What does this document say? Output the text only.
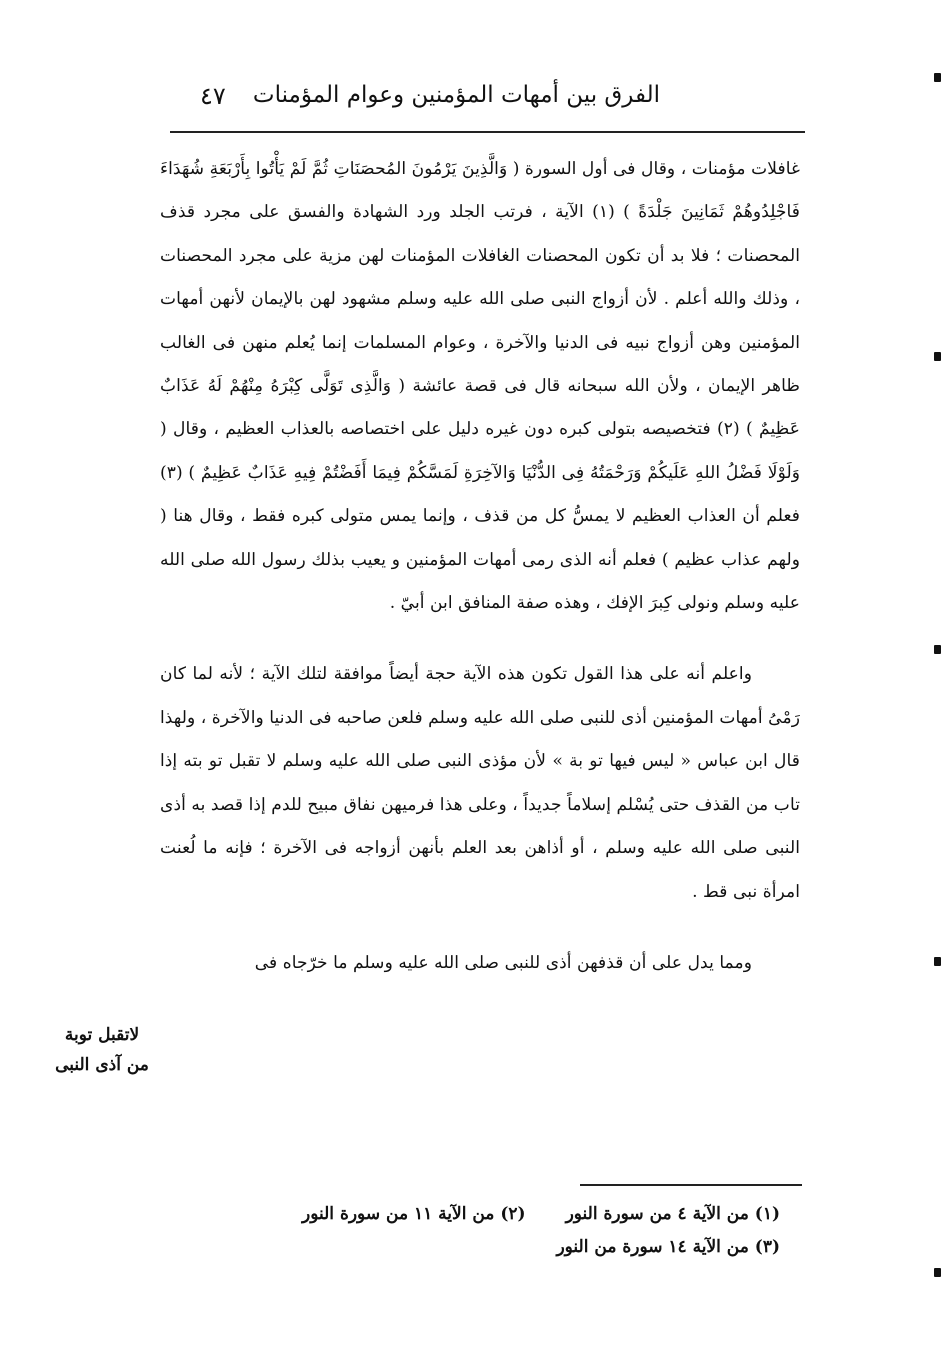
الفرق بين أمهات المؤمنين وعوام المؤمنات
٤٧

غافلات مؤمنات ، وقال فى أول السورة ( وَالَّذِينَ يَرْمُونَ المُحصَنَاتِ ثُمَّ لَمْ يَأْتُوا بِأَرْبَعَةِ شُهَدَاءَ فَاجْلِدُوهُمْ ثَمَانِينَ جَلْدَةً ) (١) الآية ، فرتب الجلد ورد الشهادة والفسق على مجرد قذف المحصنات ؛ فلا بد أن تكون المحصنات الغافلات المؤمنات لهن مزية على مجرد المحصنات ، وذلك والله أعلم . لأن أزواج النبى صلى الله عليه وسلم مشهود لهن بالإيمان لأنهن أمهات المؤمنين وهن أزواج نبيه فى الدنيا والآخرة ، وعوام المسلمات إنما يُعلم منهن فى الغالب ظاهر الإيمان ، ولأن الله سبحانه قال فى قصة عائشة ( وَالَّذِى تَوَلَّى كِبْرَهُ مِنْهُمْ لَهُ عَذَابٌ عَظِيمٌ ) (٢) فتخصيصه بتولى كبره دون غيره دليل على اختصاصه بالعذاب العظيم ، وقال ( وَلَوْلَا فَضْلُ اللهِ عَلَيكُمْ وَرَحْمَتُهُ فِى الدُّنْيَا وَالآخِرَةِ لَمَسَّكُمْ فِيمَا أَفَضْتُمْ فِيهِ عَذَابٌ عَظِيمٌ ) (٣) فعلم أن العذاب العظيم لا يمسُّ كل من قذف ، وإنما يمس متولى كبره فقط ، وقال هنا ( ولهم عذاب عظيم ) فعلم أنه الذى رمى أمهات المؤمنين و يعيب بذلك رسول الله صلى الله عليه وسلم ونولى كِبرَ الإفك ، وهذه صفة المنافق ابن أبيّ .

واعلم أنه على هذا القول تكون هذه الآية حجة أيضاً موافقة لتلك الآية ؛ لأنه لما كان رَمْىُ أمهات المؤمنين أذى للنبى صلى الله عليه وسلم فلعن صاحبه فى الدنيا والآخرة ، ولهذا قال ابن عباس « ليس فيها تو بة » لأن مؤذى النبى صلى الله عليه وسلم لا تقبل تو بته إذا تاب من القذف حتى يُسْلم إسلاماً جديداً ، وعلى هذا فرميهن نفاق مبيح للدم إذا قصد به أذى النبى صلى الله عليه وسلم ، أو أذاهن بعد العلم بأنهن أزواجه فى الآخرة ؛ فإنه ما لُعنت امرأة نبى قط .

ومما يدل على أن قذفهن أذى للنبى صلى الله عليه وسلم ما خرّجاه فى

لاتقبل توبة
من آذى النبى
(١) من الآية ٤ من سورة النور(٢) من الآية ١١ من سورة النور
(٣) من الآية ١٤ سورة من النور
